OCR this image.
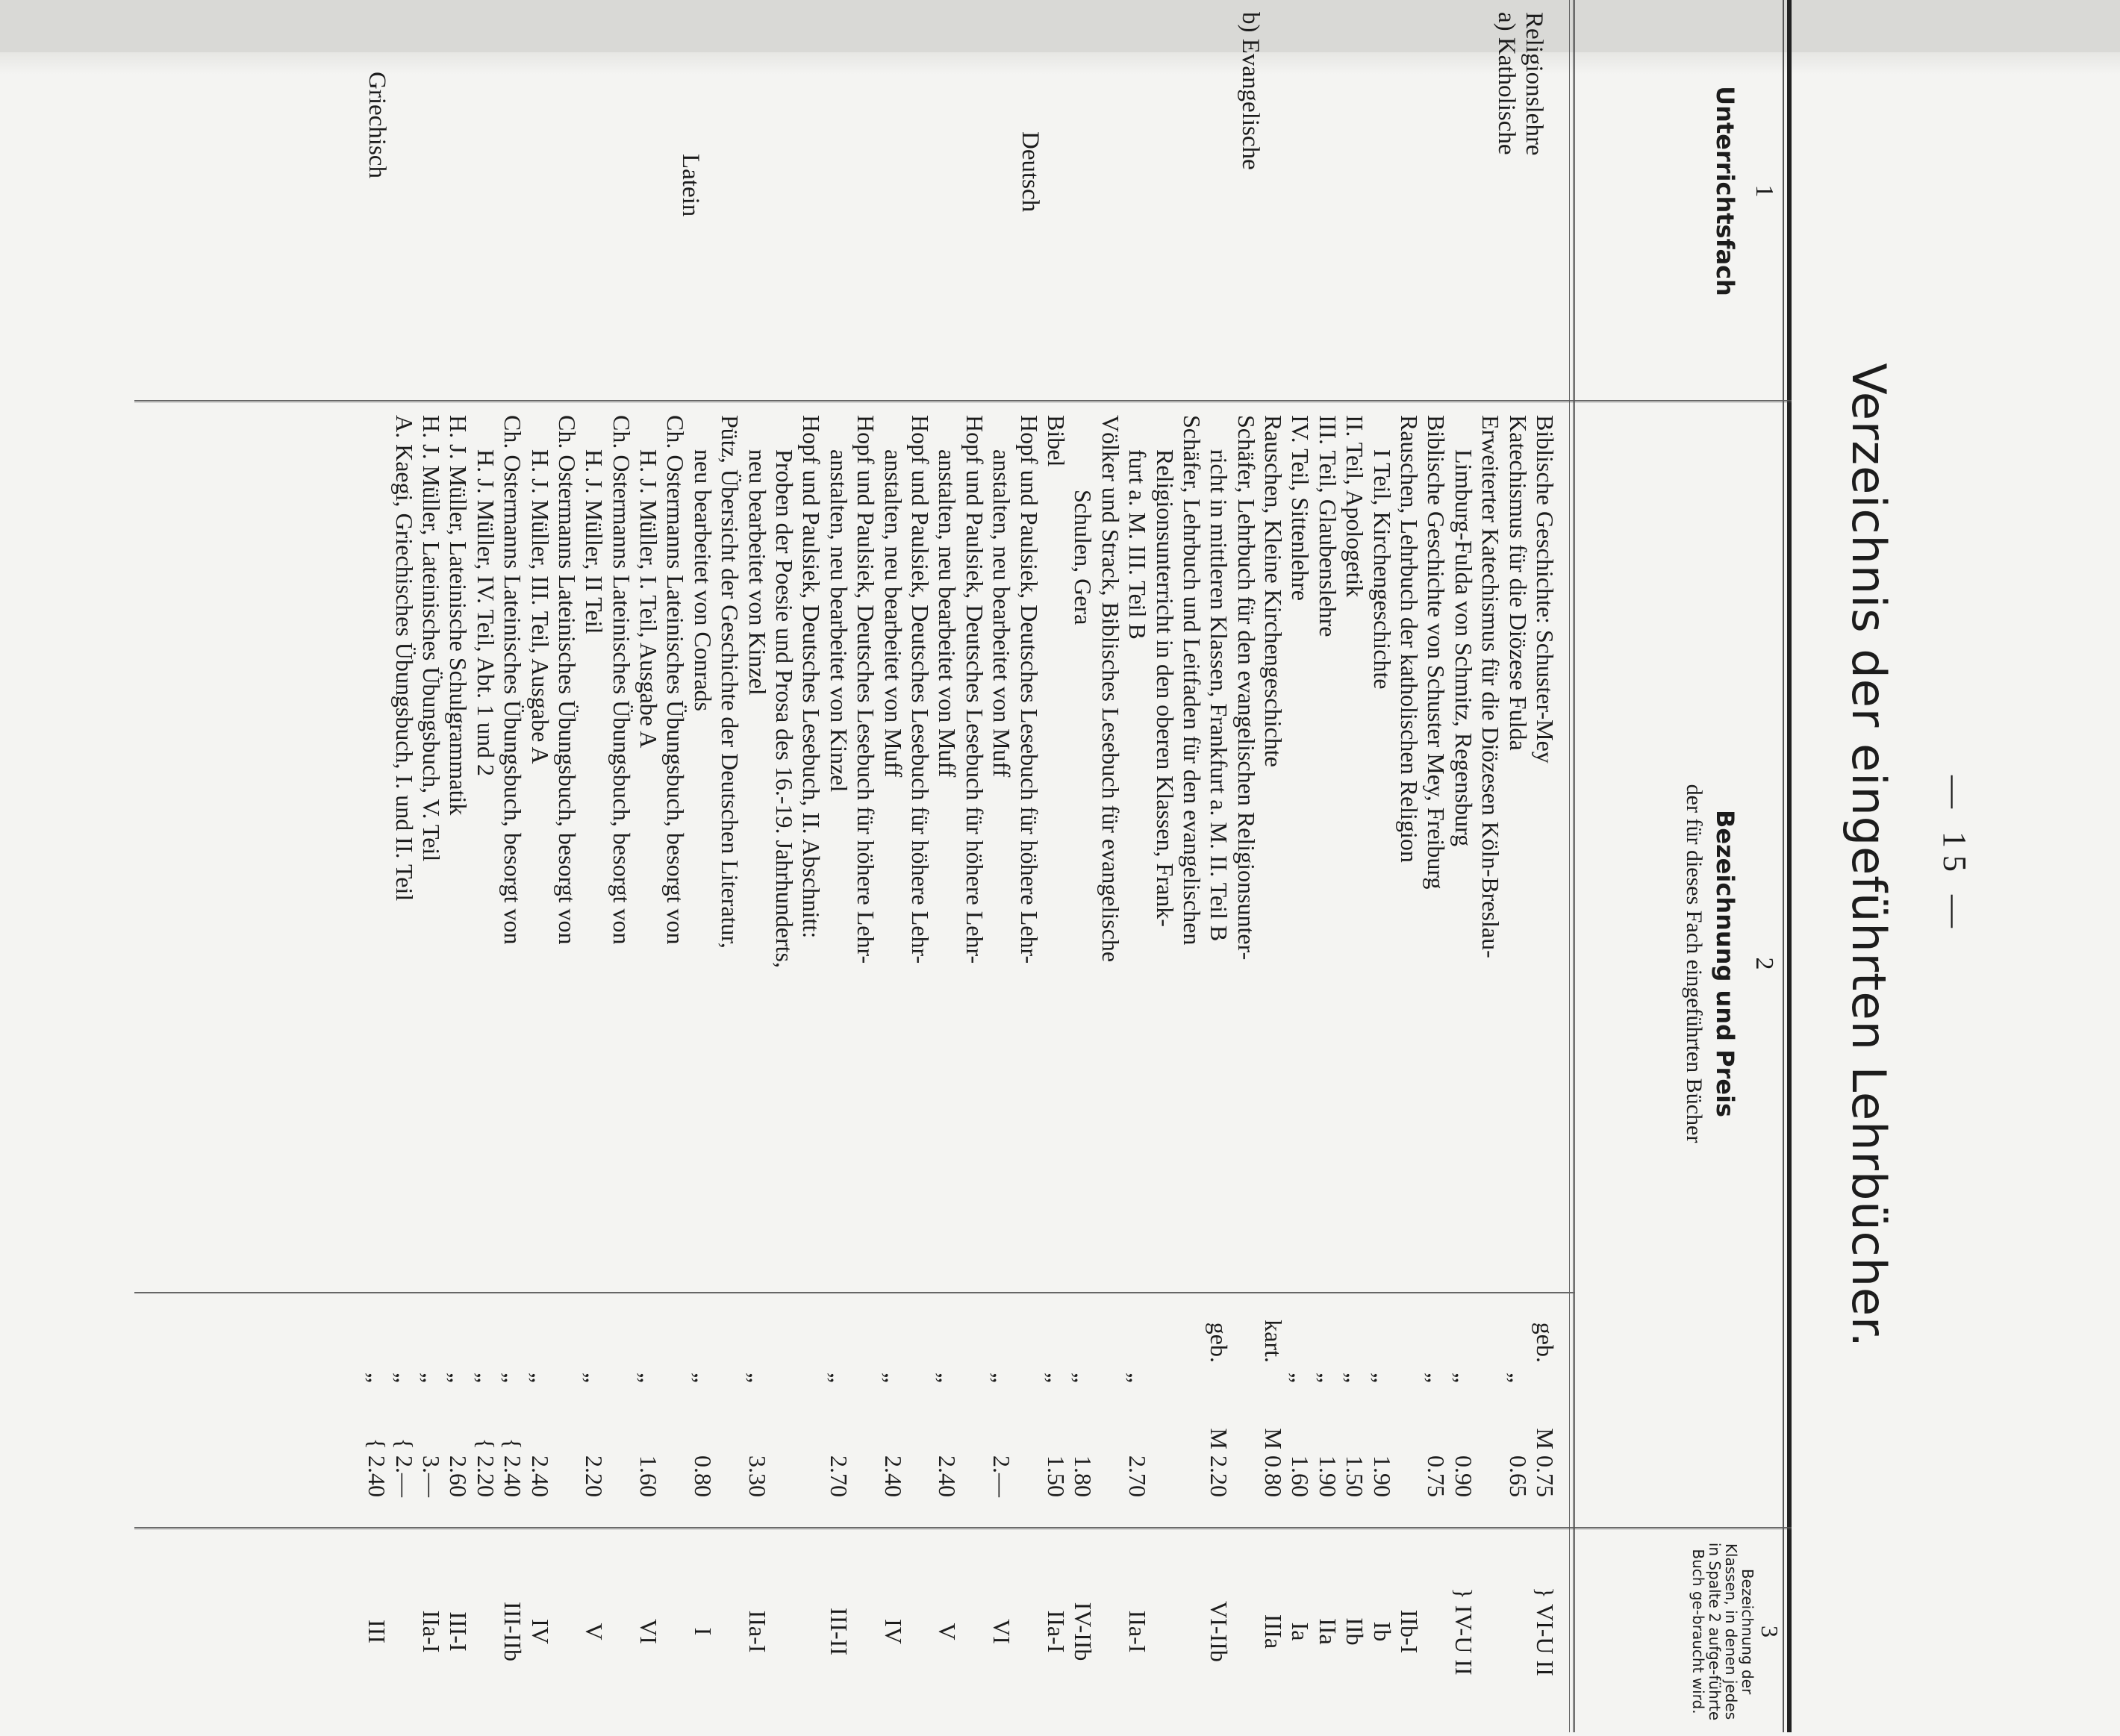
— 15 —
Verzeichnis der eingeführten Lehrbücher.
1
Unterrichtsfach
2
Bezeichnung und Preis
der für dieses Fach eingeführten Bücher
3
Bezeichnung der Klassen, in denen jedes in Spalte 2 aufge-führte Buch ge-braucht wird.
Religionslehre
a) Katholische
b) Evangelische
Deutsch
Latein
Griechisch
Biblische Geschichte: Schuster-Mey
Katechismus für die Diözese Fulda
Erweiterter Katechismus für die Diözesen Köln-Breslau-
Limburg-Fulda von Schmitz, Regensburg
Biblische Geschichte von Schuster Mey, Freiburg
Rauschen, Lehrbuch der katholischen Religion
I Teil, Kirchengeschichte
II. Teil, Apologetik
III. Teil, Glaubenslehre
IV. Teil, Sittenlehre
Rauschen, Kleine Kirchengeschichte
Schäfer, Lehrbuch für den evangelischen Religionsunter-
richt in mittleren Klassen, Frankfurt a. M. II. Teil B
Schäfer, Lehrbuch und Leitfaden für den evangelischen
Religionsunterricht in den oberen Klassen, Frank-
furt a. M. III. Teil B
Völker und Strack, Biblisches Lesebuch für evangelische
Schulen, Gera
Bibel
Hopf und Paulsiek, Deutsches Lesebuch für höhere Lehr-
anstalten, neu bearbeitet von Muff
Hopf und Paulsiek, Deutsches Lesebuch für höhere Lehr-
anstalten, neu bearbeitet von Muff
Hopf und Paulsiek, Deutsches Lesebuch für höhere Lehr-
anstalten, neu bearbeitet von Muff
Hopf und Paulsiek, Deutsches Lesebuch für höhere Lehr-
anstalten, neu bearbeitet von Kinzel
Hopf und Paulsiek, Deutsches Lesebuch, II. Abschnitt:
Proben der Poesie und Prosa des 16.-19. Jahrhunderts,
neu bearbeitet von Kinzel
Pütz, Übersicht der Geschichte der Deutschen Literatur,
neu bearbeitet von Conrads
Ch. Ostermanns Lateinisches Übungsbuch, besorgt von
H. J. Müller, I. Teil, Ausgabe A
Ch. Ostermanns Lateinisches Übungsbuch, besorgt von
H. J. Müller, II Teil
Ch. Ostermanns Lateinisches Übungsbuch, besorgt von
H. J. Müller, III. Teil, Ausgabe A
Ch. Ostermanns Lateinisches Übungsbuch, besorgt von
H. J. Müller, IV. Teil, Abt. 1 und 2
H. J. Müller, Lateinische Schulgrammatik
H. J. Müller, Lateinisches Übungsbuch, V. Teil
A. Kaegi, Griechisches Übungsbuch, I. und II. Teil
geb.
M 0.75
„
0.65
„
0.90
„
0.75
„
1.90
„
1.50
„
1.90
„
1.60
kart.
M 0.80
geb.
M 2.20
„
2.70
„
1.80
„
1.50
„
2.—
„
2.40
„
2.40
„
2.70
„
3.30
„
0.80
„
1.60
„
2.20
„
2.40
„
{ 2.40
„
{ 2.20
„
2.60
„
3.—
„
{ 2.—
„
{ 2.40
} VI-U II
} IV-U II
IIb-I
Ib
IIb
IIa
Ia
IIIa
VI-IIb
IIa-I
IV-IIb
IIa-I
VI
V
IV
III-II
IIa-I
I
VI
V
IV
III-IIb
III-I
IIa-I
III
